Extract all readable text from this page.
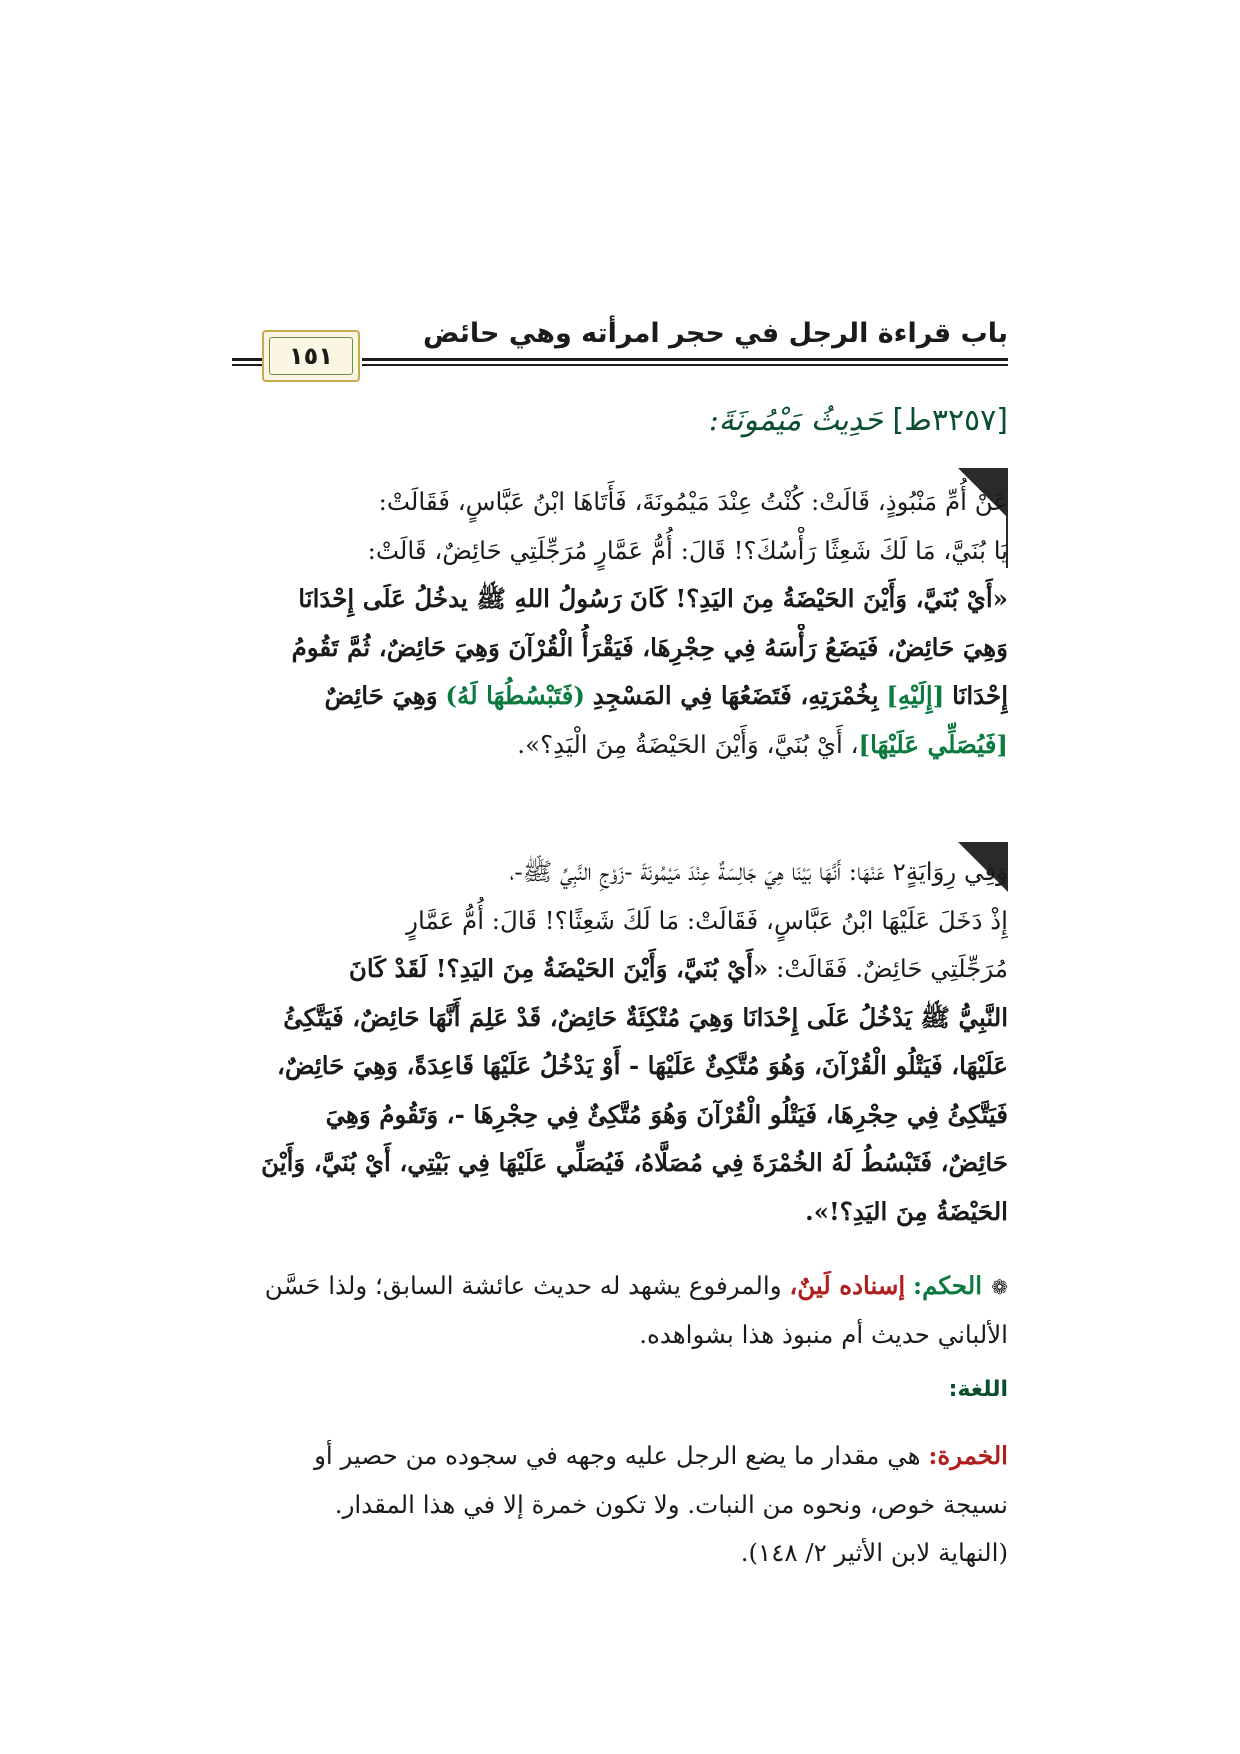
باب قراءة الرجل في حجر امرأته وهي حائض
١٥١
[٣٢٥٧ط] حَدِيثُ مَيْمُونَةَ:
عَنْ أُمِّ مَنْبُوذٍ، قَالَتْ: كُنْتُ عِنْدَ مَيْمُونَةَ، فَأَتَاهَا ابْنُ عَبَّاسٍ، فَقَالَتْ:
يَا بُنَيَّ، مَا لَكَ شَعِثًا رَأْسُكَ؟! قَالَ: أُمُّ عَمَّارٍ مُرَجِّلَتِي حَائِضٌ، قَالَتْ:
«أَيْ بُنَيَّ، وَأَيْنَ الحَيْضَةُ مِنَ اليَدِ؟! كَانَ رَسُولُ اللهِ ﷺ يدخُلُ عَلَى إِحْدَانَا
وَهِيَ حَائِضٌ، فَيَضَعُ رَأْسَهُ فِي حِجْرِهَا، فَيَقْرَأُ الْقُرْآنَ وَهِيَ حَائِضٌ، ثُمَّ تَقُومُ
إِحْدَانَا [إِلَيْهِ] بِخُمْرَتِهِ، فَتَضَعُهَا فِي المَسْجِدِ (فَتَبْسُطُهَا لَهُ) وَهِيَ حَائِضٌ
[فَيُصَلِّي عَلَيْهَا]، أَيْ بُنَيَّ، وَأَيْنَ الحَيْضَةُ مِنَ الْيَدِ؟».
وَفِي رِوَايَةٍ٢ عَنْهَا: أَنَّهَا بَيْنَا هِيَ جَالِسَةٌ عِنْدَ مَيْمُونَةَ -زَوْجِ النَّبِيِّ ﷺ-،
إِذْ دَخَلَ عَلَيْهَا ابْنُ عَبَّاسٍ، فَقَالَتْ: مَا لَكَ شَعِثًا؟! قَالَ: أُمُّ عَمَّارٍ
مُرَجِّلَتِي حَائِضٌ. فَقَالَتْ: «أَيْ بُنَيَّ، وَأَيْنَ الحَيْضَةُ مِنَ اليَدِ؟! لَقَدْ كَانَ
النَّبِيُّ ﷺ يَدْخُلُ عَلَى إِحْدَانَا وَهِيَ مُتْكِئَةٌ حَائِضٌ، قَدْ عَلِمَ أَنَّهَا حَائِضٌ، فَيَتَّكِئُ
عَلَيْهَا، فَيَتْلُو الْقُرْآنَ، وَهُوَ مُتَّكِئٌ عَلَيْهَا - أَوْ يَدْخُلُ عَلَيْهَا قَاعِدَةً، وَهِيَ حَائِضٌ،
فَيَتَّكِئُ فِي حِجْرِهَا، فَيَتْلُو الْقُرْآنَ وَهُوَ مُتَّكِئٌ فِي حِجْرِهَا -، وَتَقُومُ وَهِيَ
حَائِضٌ، فَتَبْسُطُ لَهُ الخُمْرَةَ فِي مُصَلَّاهُ، فَيُصَلِّي عَلَيْهَا فِي بَيْتِي، أَيْ بُنَيَّ، وَأَيْنَ
الحَيْضَةُ مِنَ اليَدِ؟!».
❁الحكم: إسناده لَينٌ، والمرفوع يشهد له حديث عائشة السابق؛ ولذا حَسَّن
الألباني حديث أم منبوذ هذا بشواهده.
اللغة:
الخمرة: هي مقدار ما يضع الرجل عليه وجهه في سجوده من حصير أو
نسيجة خوص، ونحوه من النبات. ولا تكون خمرة إلا في هذا المقدار.
(النهاية لابن الأثير ٢/ ١٤٨).
